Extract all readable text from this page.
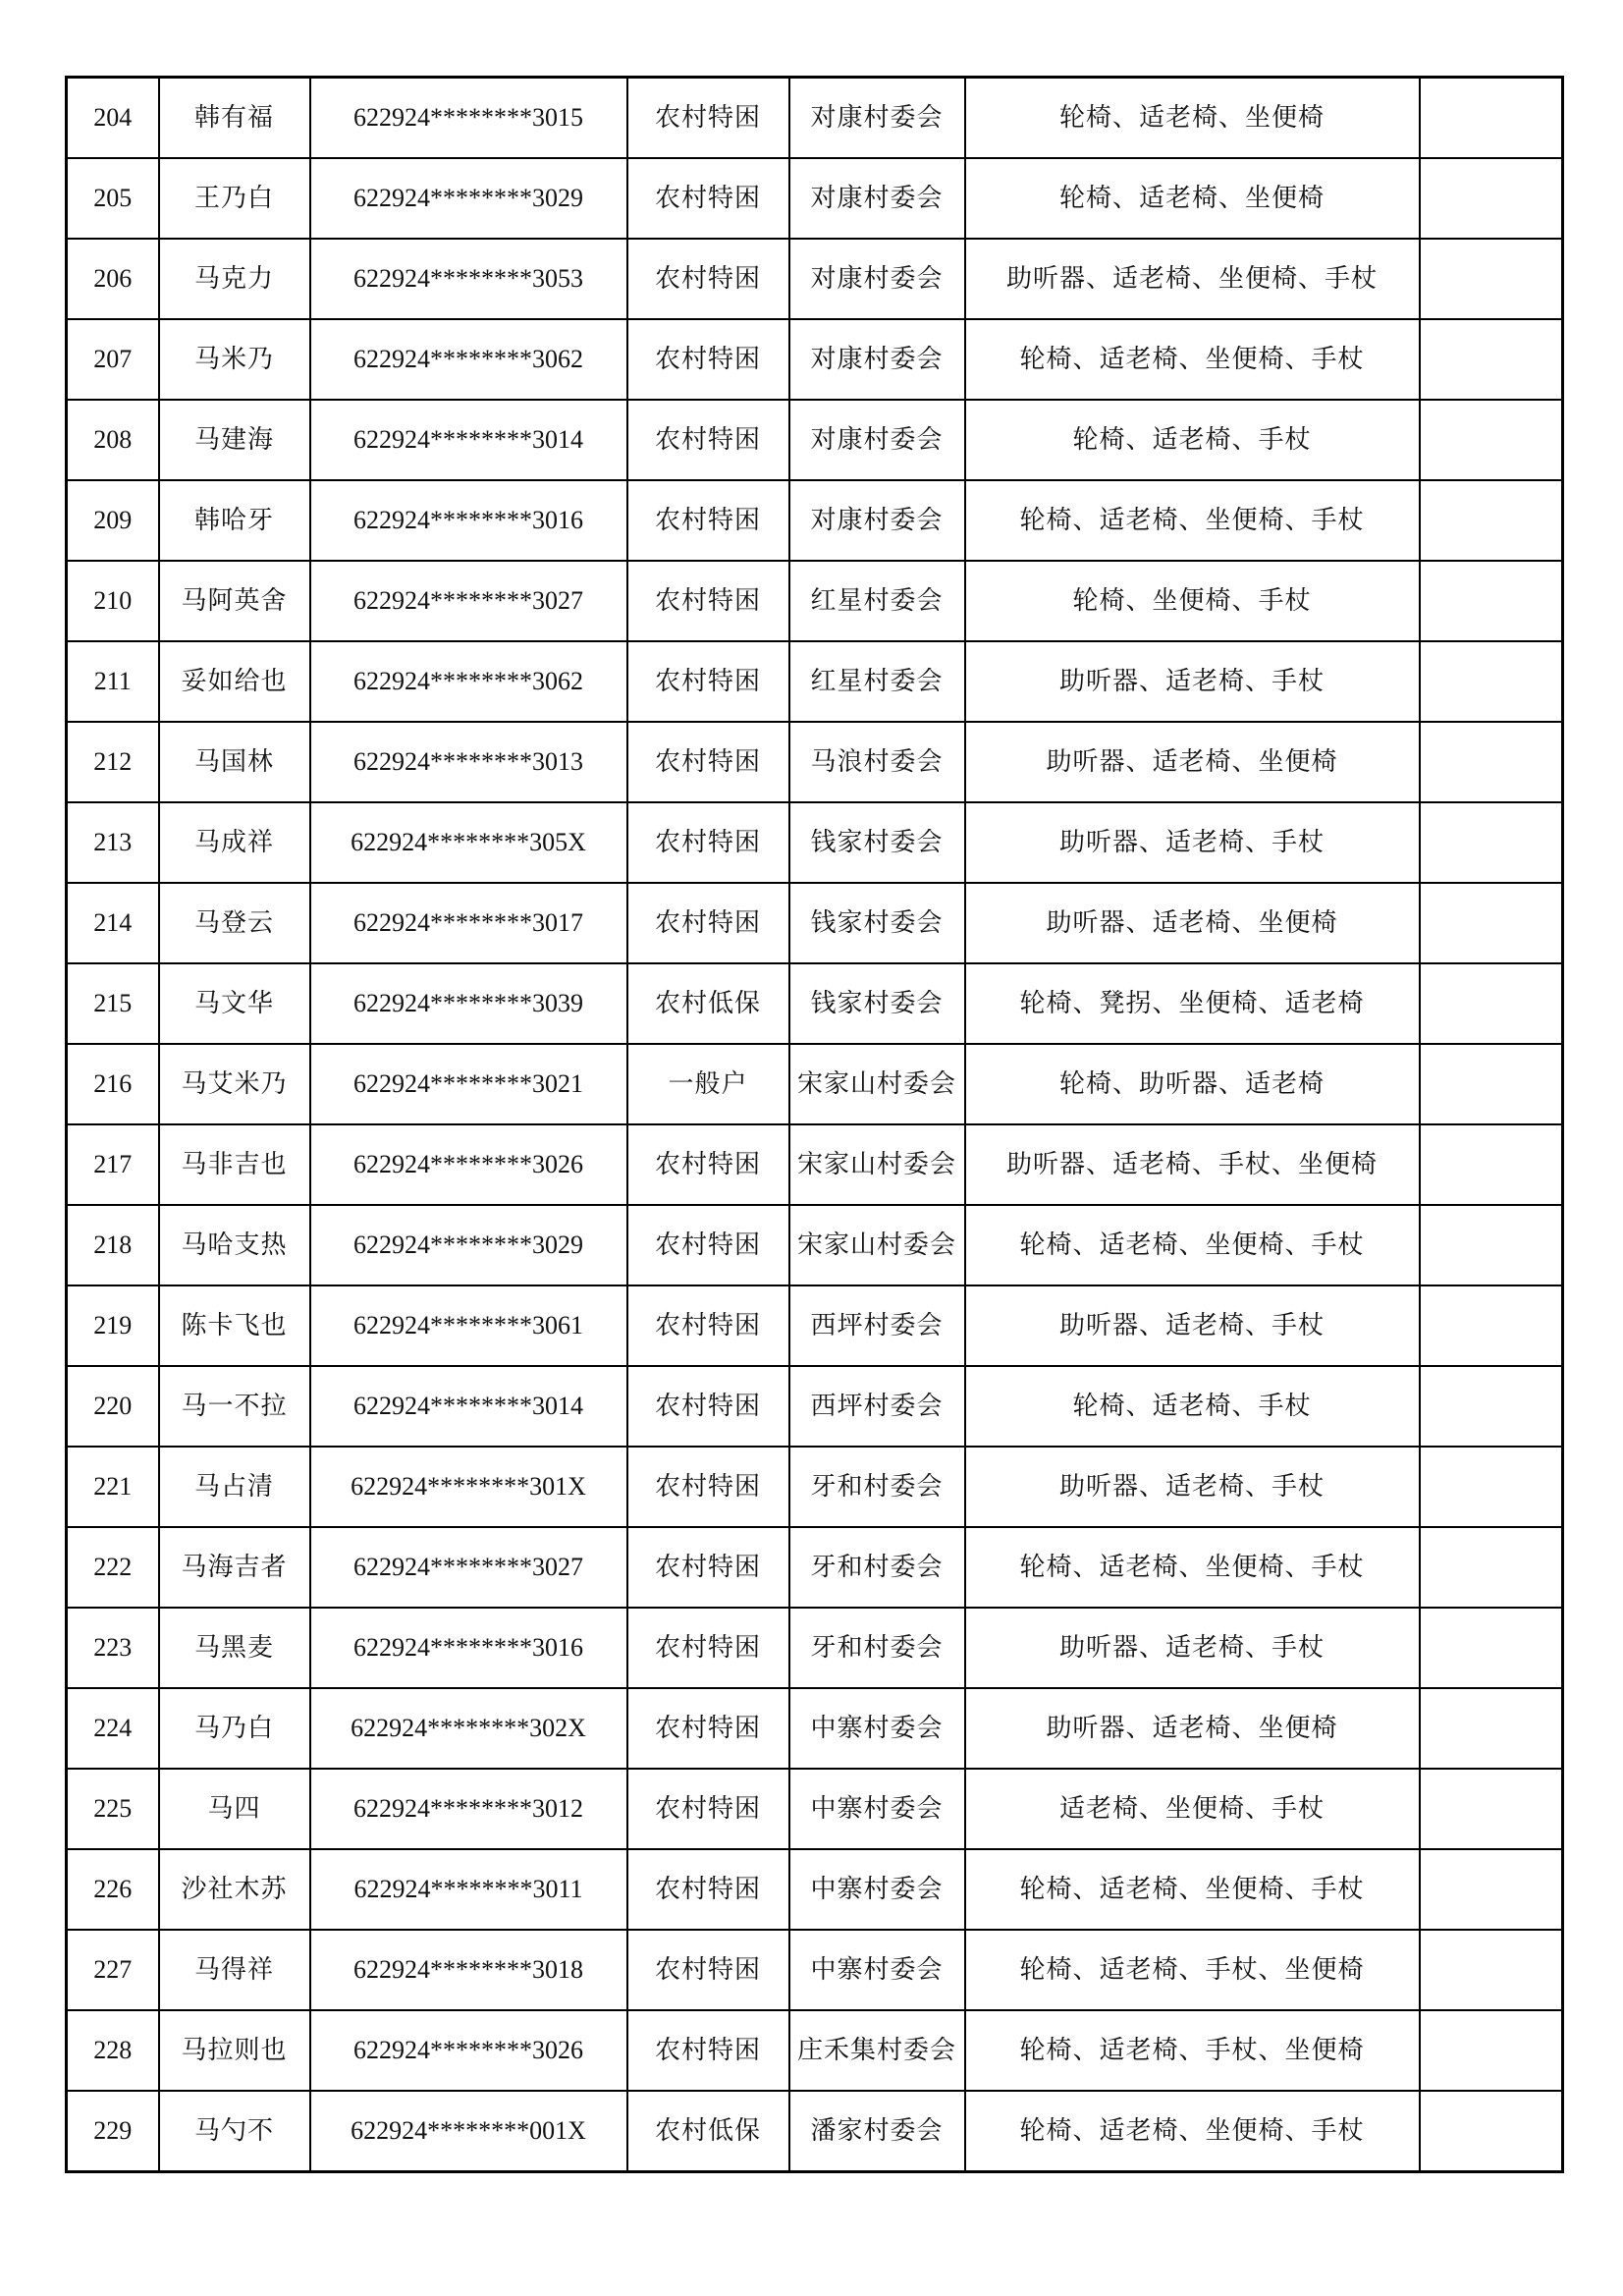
204	韩有福	622924********3015	农村特困	对康村委会	轮椅、适老椅、坐便椅	
205	王乃白	622924********3029	农村特困	对康村委会	轮椅、适老椅、坐便椅	
206	马克力	622924********3053	农村特困	对康村委会	助听器、适老椅、坐便椅、手杖	
207	马米乃	622924********3062	农村特困	对康村委会	轮椅、适老椅、坐便椅、手杖	
208	马建海	622924********3014	农村特困	对康村委会	轮椅、适老椅、手杖	
209	韩哈牙	622924********3016	农村特困	对康村委会	轮椅、适老椅、坐便椅、手杖	
210	马阿英舍	622924********3027	农村特困	红星村委会	轮椅、坐便椅、手杖	
211	妥如给也	622924********3062	农村特困	红星村委会	助听器、适老椅、手杖	
212	马国林	622924********3013	农村特困	马浪村委会	助听器、适老椅、坐便椅	
213	马成祥	622924********305X	农村特困	钱家村委会	助听器、适老椅、手杖	
214	马登云	622924********3017	农村特困	钱家村委会	助听器、适老椅、坐便椅	
215	马文华	622924********3039	农村低保	钱家村委会	轮椅、凳拐、坐便椅、适老椅	
216	马艾米乃	622924********3021	一般户	宋家山村委会	轮椅、助听器、适老椅	
217	马非吉也	622924********3026	农村特困	宋家山村委会	助听器、适老椅、手杖、坐便椅	
218	马哈支热	622924********3029	农村特困	宋家山村委会	轮椅、适老椅、坐便椅、手杖	
219	陈卡飞也	622924********3061	农村特困	西坪村委会	助听器、适老椅、手杖	
220	马一不拉	622924********3014	农村特困	西坪村委会	轮椅、适老椅、手杖	
221	马占清	622924********301X	农村特困	牙和村委会	助听器、适老椅、手杖	
222	马海吉者	622924********3027	农村特困	牙和村委会	轮椅、适老椅、坐便椅、手杖	
223	马黑麦	622924********3016	农村特困	牙和村委会	助听器、适老椅、手杖	
224	马乃白	622924********302X	农村特困	中寨村委会	助听器、适老椅、坐便椅	
225	马四	622924********3012	农村特困	中寨村委会	适老椅、坐便椅、手杖	
226	沙社木苏	622924********3011	农村特困	中寨村委会	轮椅、适老椅、坐便椅、手杖	
227	马得祥	622924********3018	农村特困	中寨村委会	轮椅、适老椅、手杖、坐便椅	
228	马拉则也	622924********3026	农村特困	庄禾集村委会	轮椅、适老椅、手杖、坐便椅	
229	马勺不	622924********001X	农村低保	潘家村委会	轮椅、适老椅、坐便椅、手杖	
